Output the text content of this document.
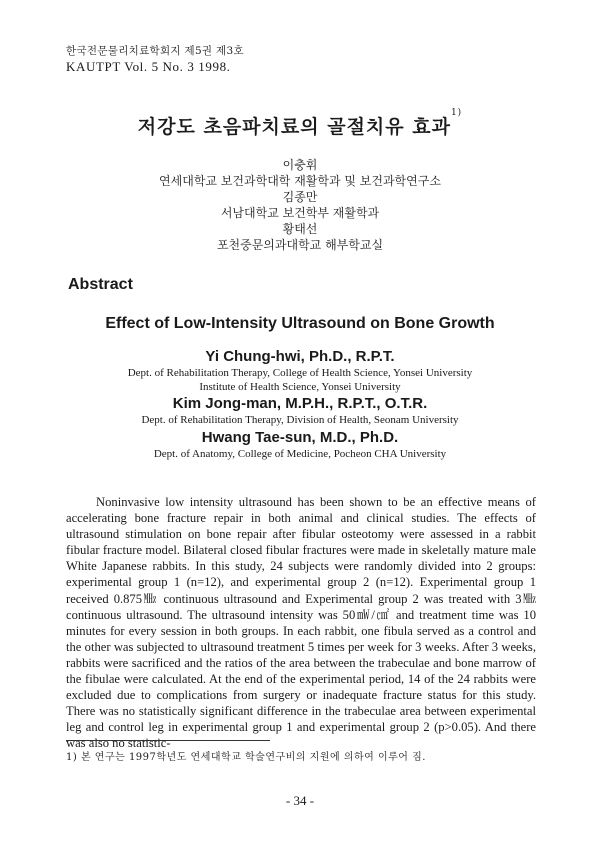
한국전문물리치료학회지 제5권 제3호
KAUTPT Vol. 5 No. 3 1998.
저강도 초음파치료의 골절치유 효과$^{1)}$
이충휘
연세대학교 보건과학대학 재활학과 및 보건과학연구소
김종만
서남대학교 보건학부 재활학과
황태선
포천중문의과대학교 해부학교실
Abstract
Effect of Low-Intensity Ultrasound on Bone Growth
Yi Chung-hwi, Ph.D., R.P.T.
Dept. of Rehabilitation Therapy, College of Health Science, Yonsei University
Institute of Health Science, Yonsei University
Kim Jong-man, M.P.H., R.P.T., O.T.R.
Dept. of Rehabilitation Therapy, Division of Health, Seonam University
Hwang Tae-sun, M.D., Ph.D.
Dept. of Anatomy, College of Medicine, Pocheon CHA University

Noninvasive low intensity ultrasound has been shown to be an effective means of accelerating bone fracture repair in both animal and clinical studies. The effects of ultrasound stimulation on bone repair after fibular osteotomy were assessed in a rabbit fibular fracture model. Bilateral closed fibular fractures were made in skeletally mature male White Japanese rabbits. In this study, 24 subjects were randomly divided into 2 groups: experimental group 1 (n=12), and experimental group 2 (n=12). Experimental group 1 received 0.875㎒ continuous ultrasound and Experimental group 2 was treated with 3㎒ continuous ultrasound. The ultrasound intensity was 50㎽/㎠ and treatment time was 10 minutes for every session in both groups. In each rabbit, one fibula served as a control and the other was subjected to ultrasound treatment 5 times per week for 3 weeks. After 3 weeks, rabbits were sacrificed and the ratios of the area between the trabeculae and bone marrow of the fibulae were calculated. At the end of the experimental period, 14 of the 24 rabbits were excluded due to complications from surgery or inadequate fracture status for this study. There was no statistically significant difference in the trabeculae area between experimental leg and control leg in experimental group 1 and experimental group 2 (p>0.05). And there was also no statistic-

1) 본 연구는 1997학년도 연세대학교 학술연구비의 지원에 의하여 이루어 짐.
- 34 -
